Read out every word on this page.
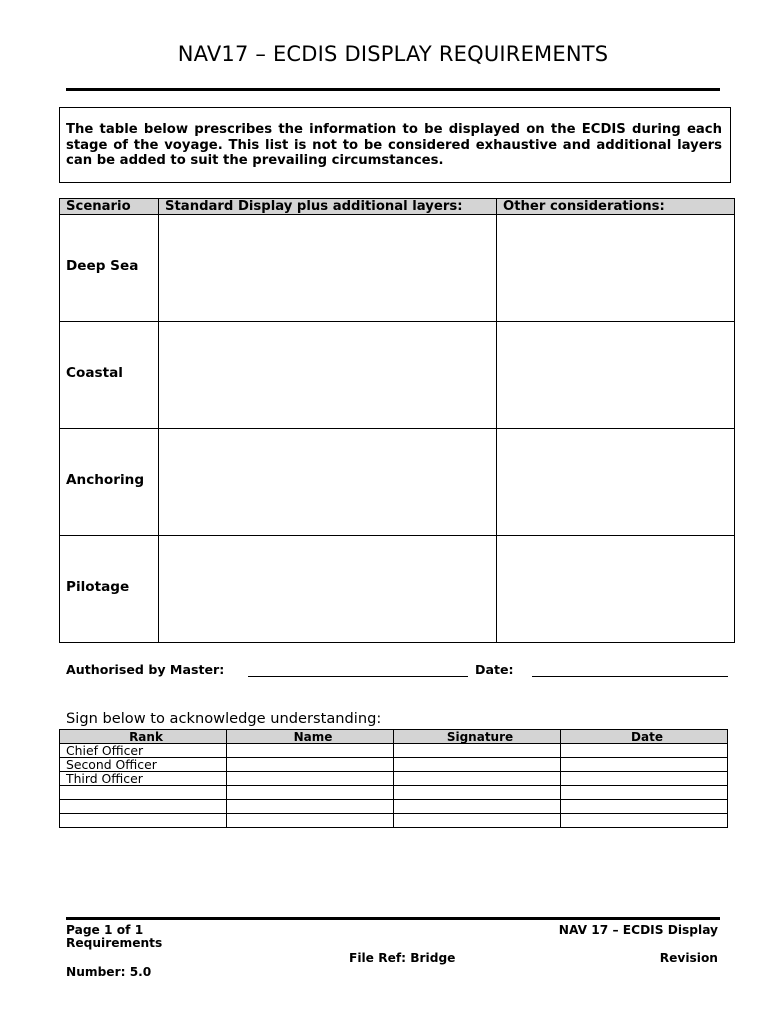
NAV17 – ECDIS DISPLAY REQUIREMENTS
The table below prescribes the information to be displayed on the ECDIS during each stage of the voyage. This list is not to be considered exhaustive and additional layers can be added to suit the prevailing circumstances.
Scenario	Standard Display plus additional layers:	Other considerations:
Deep Sea		
Coastal		
Anchoring		
Pilotage		
Authorised by Master:	Date:
Sign below to acknowledge understanding:
Rank	Name	Signature	Date
Chief Officer			
Second Officer			
Third Officer			

Page 1 of 1	NAV 17 – ECDIS Display
Requirements
File Ref: Bridge	Revision
Number: 5.0
